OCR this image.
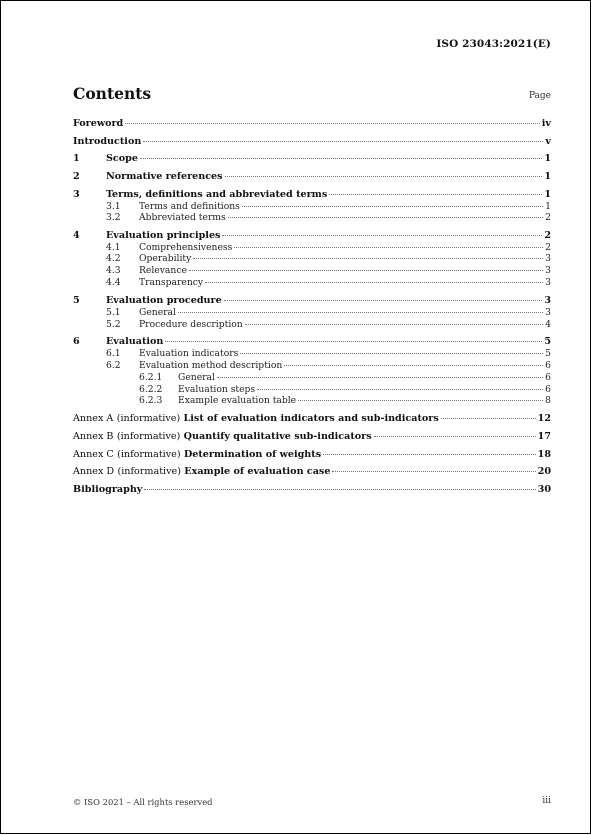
ISO 23043:2021(E)
Contents	Page
Foreword	iv
Introduction	v
1	Scope	1
2	Normative references	1
3	Terms, definitions and abbreviated terms	1
3.1	Terms and definitions	1
3.2	Abbreviated terms	2
4	Evaluation principles	2
4.1	Comprehensiveness	2
4.2	Operability	3
4.3	Relevance	3
4.4	Transparency	3
5	Evaluation procedure	3
5.1	General	3
5.2	Procedure description	4
6	Evaluation	5
6.1	Evaluation indicators	5
6.2	Evaluation method description	6
6.2.1	General	6
6.2.2	Evaluation steps	6
6.2.3	Example evaluation table	8
Annex A (informative) List of evaluation indicators and sub-indicators	12
Annex B (informative) Quantify qualitative sub-indicators	17
Annex C (informative) Determination of weights	18
Annex D (informative) Example of evaluation case	20
Bibliography	30
© ISO 2021 – All rights reserved	iii
